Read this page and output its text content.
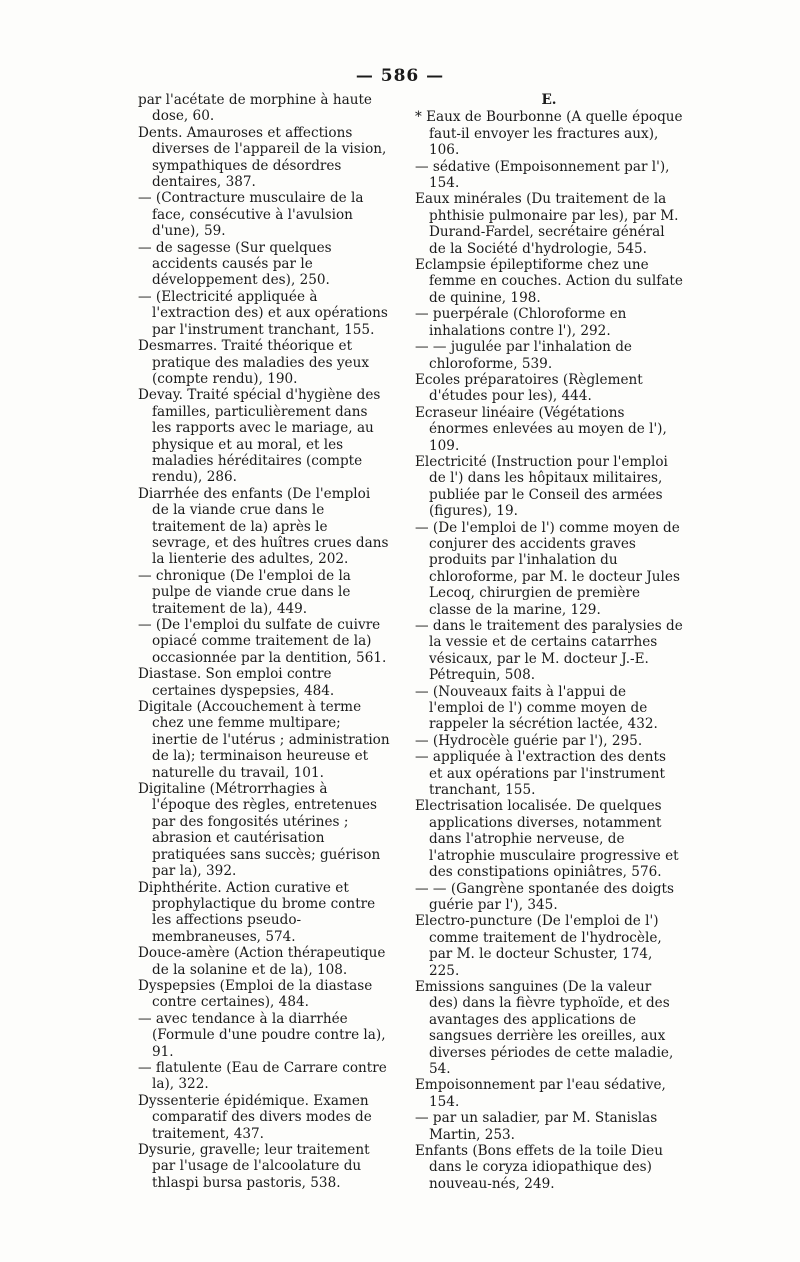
— 586 —

par l'acétate de morphine à haute dose, 60.

Dents. Amauroses et affections diverses de l'appareil de la vision, sympathiques de désordres dentaires, 387.

— (Contracture musculaire de la face, consécutive à l'avulsion d'une), 59.

— de sagesse (Sur quelques accidents causés par le développement des), 250.

— (Electricité appliquée à l'extraction des) et aux opérations par l'instrument tranchant, 155.

Desmarres. Traité théorique et pratique des maladies des yeux (compte rendu), 190.

Devay. Traité spécial d'hygiène des familles, particulièrement dans les rapports avec le mariage, au physique et au moral, et les maladies héréditaires (compte rendu), 286.

Diarrhée des enfants (De l'emploi de la viande crue dans le traitement de la) après le sevrage, et des huîtres crues dans la lienterie des adultes, 202.

— chronique (De l'emploi de la pulpe de viande crue dans le traitement de la), 449.

— (De l'emploi du sulfate de cuivre opiacé comme traitement de la) occasionnée par la dentition, 561.

Diastase. Son emploi contre certaines dyspepsies, 484.

Digitale (Accouchement à terme chez une femme multipare; inertie de l'utérus ; administration de la); terminaison heureuse et naturelle du travail, 101.

Digitaline (Métrorrhagies à l'époque des règles, entretenues par des fongosités utérines ; abrasion et cautérisation pratiquées sans succès; guérison par la), 392.

Diphthérite. Action curative et prophylactique du brome contre les affections pseudo-membraneuses, 574.

Douce-amère (Action thérapeutique de la solanine et de la), 108.

Dyspepsies (Emploi de la diastase contre certaines), 484.

— avec tendance à la diarrhée (Formule d'une poudre contre la), 91.

— flatulente (Eau de Carrare contre la), 322.

Dyssenterie épidémique. Examen comparatif des divers modes de traitement, 437.

Dysurie, gravelle; leur traitement par l'usage de l'alcoolature du thlaspi bursa pastoris, 538.

E.

* Eaux de Bourbonne (A quelle époque faut-il envoyer les fractures aux), 106.

— sédative (Empoisonnement par l'), 154.

Eaux minérales (Du traitement de la phthisie pulmonaire par les), par M. Durand-Fardel, secrétaire général de la Société d'hydrologie, 545.

Eclampsie épileptiforme chez une femme en couches. Action du sulfate de quinine, 198.

— puerpérale (Chloroforme en inhalations contre l'), 292.

— — jugulée par l'inhalation de chloroforme, 539.

Ecoles préparatoires (Règlement d'études pour les), 444.

Ecraseur linéaire (Végétations énormes enlevées au moyen de l'), 109.

Electricité (Instruction pour l'emploi de l') dans les hôpitaux militaires, publiée par le Conseil des armées (figures), 19.

— (De l'emploi de l') comme moyen de conjurer des accidents graves produits par l'inhalation du chloroforme, par M. le docteur Jules Lecoq, chirurgien de première classe de la marine, 129.

— dans le traitement des paralysies de la vessie et de certains catarrhes vésicaux, par le M. docteur J.-E. Pétrequin, 508.

— (Nouveaux faits à l'appui de l'emploi de l') comme moyen de rappeler la sécrétion lactée, 432.

— (Hydrocèle guérie par l'), 295.

— appliquée à l'extraction des dents et aux opérations par l'instrument tranchant, 155.

Electrisation localisée. De quelques applications diverses, notamment dans l'atrophie nerveuse, de l'atrophie musculaire progressive et des constipations opiniâtres, 576.

— — (Gangrène spontanée des doigts guérie par l'), 345.

Electro-puncture (De l'emploi de l') comme traitement de l'hydrocèle, par M. le docteur Schuster, 174, 225.

Emissions sanguines (De la valeur des) dans la fièvre typhoïde, et des avantages des applications de sangsues derrière les oreilles, aux diverses périodes de cette maladie, 54.

Empoisonnement par l'eau sédative, 154.

— par un saladier, par M. Stanislas Martin, 253.

Enfants (Bons effets de la toile Dieu dans le coryza idiopathique des) nouveau-nés, 249.
